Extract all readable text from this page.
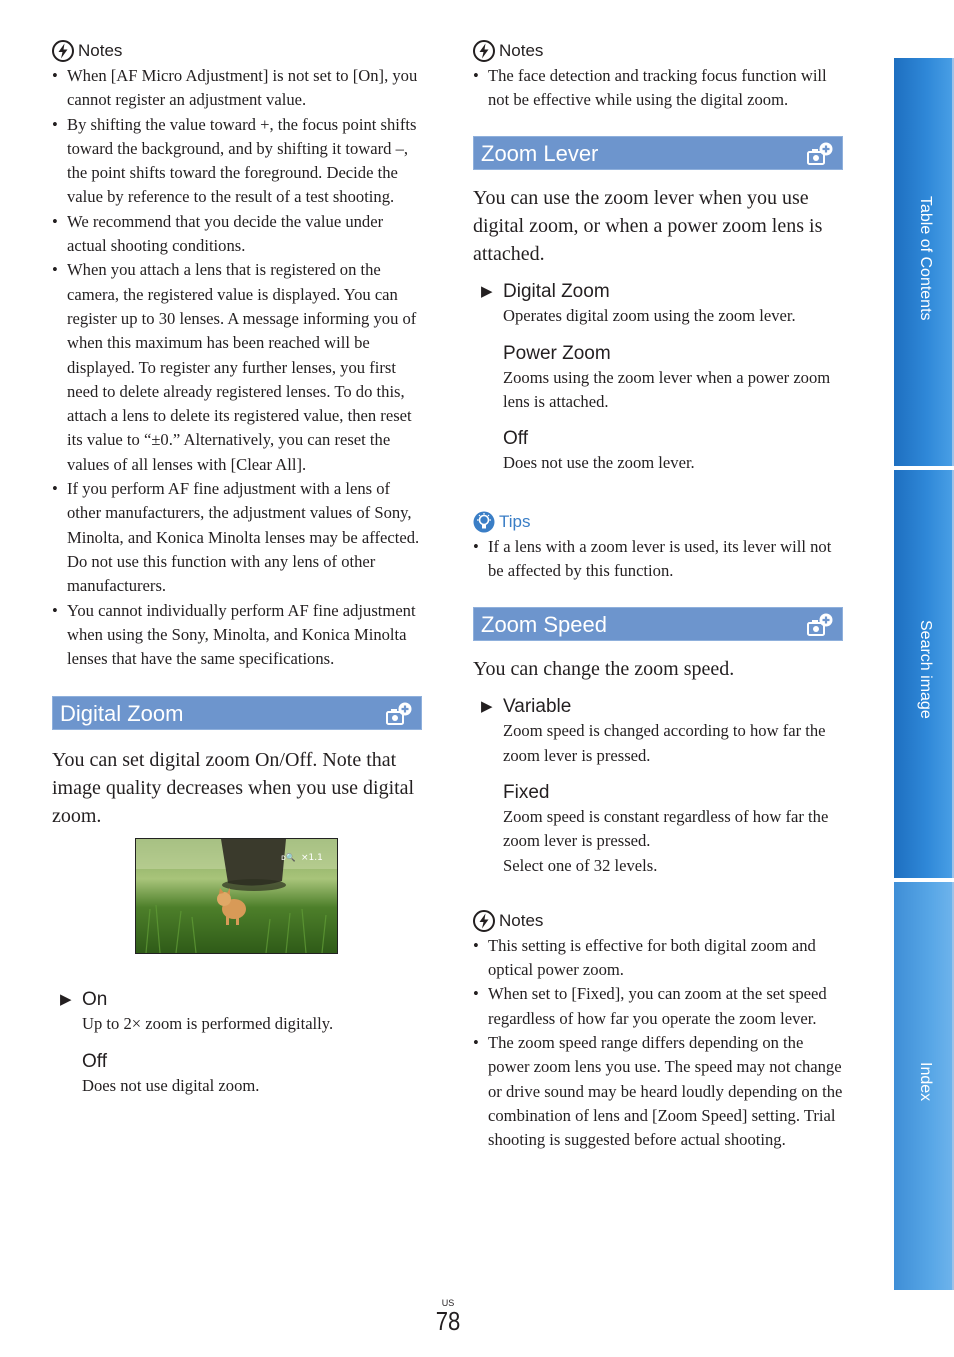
Notes
• When [AF Micro Adjustment] is not set to [On], you cannot register an adjustment value.
• By shifting the value toward +, the focus point shifts toward the background, and by shifting it toward –, the point shifts toward the foreground. Decide the value by reference to the result of a test shooting.
• We recommend that you decide the value under actual shooting conditions.
• When you attach a lens that is registered on the camera, the registered value is displayed. You can register up to 30 lenses. A message informing you of when this maximum has been reached will be displayed. To register any further lenses, you first need to delete already registered lenses. To do this, attach a lens to delete its registered value, then reset its value to “±0.” Alternatively, you can reset the values of all lenses with [Clear All].
• If you perform AF fine adjustment with a lens of other manufacturers, the adjustment values of Sony, Minolta, and Konica Minolta lenses may be affected. Do not use this function with any lens of other manufacturers.
• You cannot individually perform AF fine adjustment when using the Sony, Minolta, and Konica Minolta lenses that have the same specifications.
Digital Zoom

You can set digital zoom On/Off. Note that image quality decreases when you use digital zoom.

ᴅ🔍 ×1.1
▶ On
Up to 2× zoom is performed digitally.
Off
Does not use digital zoom.
Notes
• The face detection and tracking focus function will not be effective while using the digital zoom.
Zoom Lever

You can use the zoom lever when you use digital zoom, or when a power zoom lens is attached.

▶ Digital Zoom
Operates digital zoom using the zoom lever.
Power Zoom
Zooms using the zoom lever when a power zoom lens is attached.
Off
Does not use the zoom lever.
Tips
• If a lens with a zoom lever is used, its lever will not be affected by this function.
Zoom Speed

You can change the zoom speed.

▶ Variable
Zoom speed is changed according to how far the zoom lever is pressed.
Fixed
Zoom speed is constant regardless of how far the zoom lever is pressed.
Select one of 32 levels.
Notes
• This setting is effective for both digital zoom and optical power zoom.
• When set to [Fixed], you can zoom at the set speed regardless of how far you operate the zoom lever.
• The zoom speed range differs depending on the power zoom lens you use. The speed may not change or drive sound may be heard loudly depending on the combination of lens and [Zoom Speed] setting. Trial shooting is suggested before actual shooting.
Table of Contents
Search image
Index
US
78
